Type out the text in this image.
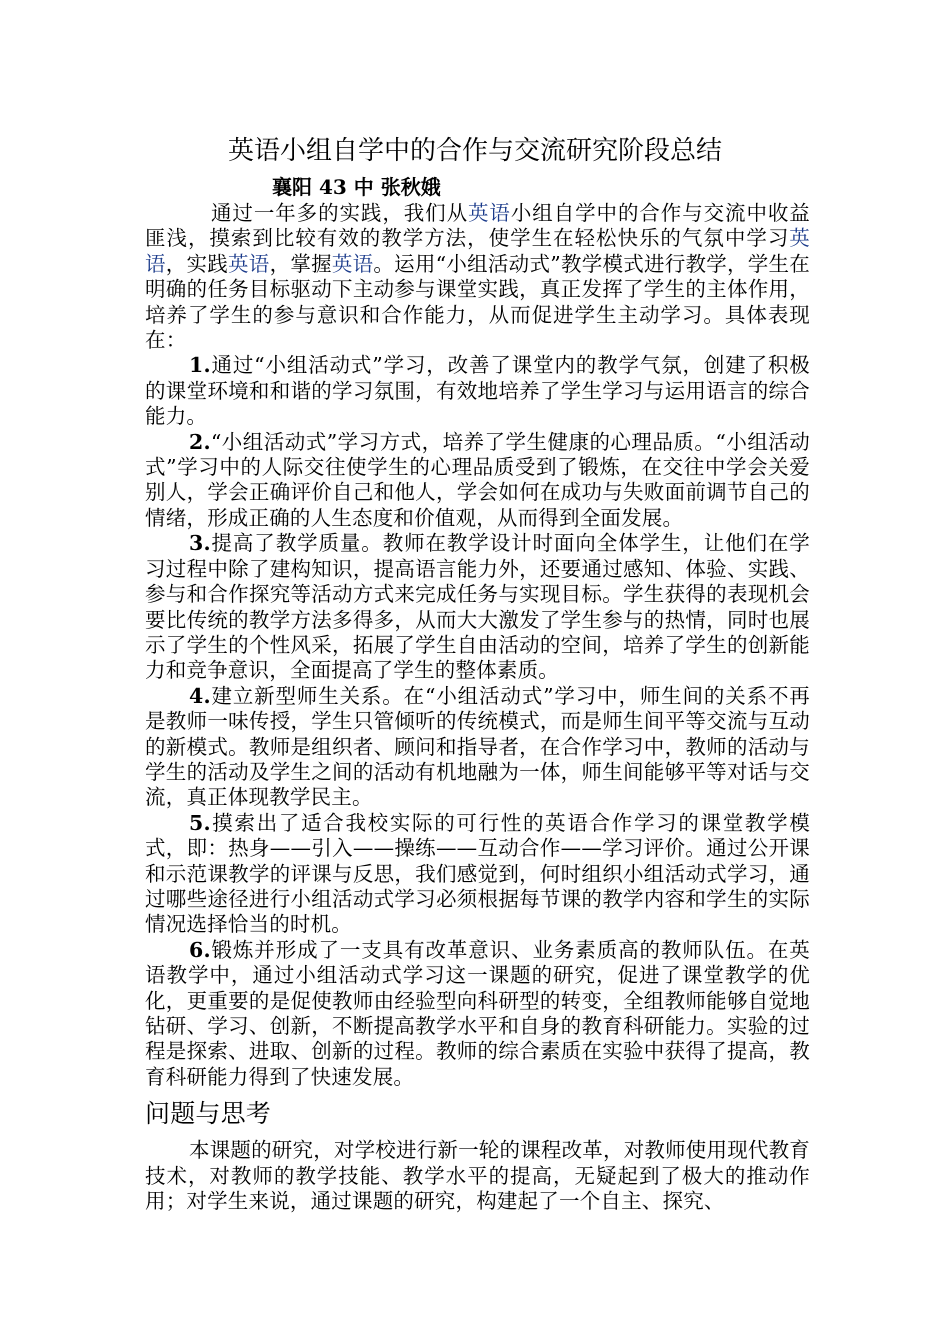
英语小组自学中的合作与交流研究阶段总结
襄阳 43 中 张秋娥

通过一年多的实践，我们从英语小组自学中的合作与交流中收益匪浅，摸索到比较有效的教学方法，使学生在轻松快乐的气氛中学习英语，实践英语，掌握英语。运用“小组活动式”教学模式进行教学，学生在明确的任务目标驱动下主动参与课堂实践，真正发挥了学生的主体作用，培养了学生的参与意识和合作能力，从而促进学生主动学习。具体表现在：

1.通过“小组活动式”学习，改善了课堂内的教学气氛，创建了积极的课堂环境和和谐的学习氛围，有效地培养了学生学习与运用语言的综合能力。

2.“小组活动式”学习方式，培养了学生健康的心理品质。“小组活动式”学习中的人际交往使学生的心理品质受到了锻炼，在交往中学会关爱别人，学会正确评价自己和他人，学会如何在成功与失败面前调节自己的情绪，形成正确的人生态度和价值观，从而得到全面发展。

3.提高了教学质量。教师在教学设计时面向全体学生，让他们在学习过程中除了建构知识，提高语言能力外，还要通过感知、体验、实践、参与和合作探究等活动方式来完成任务与实现目标。学生获得的表现机会要比传统的教学方法多得多，从而大大激发了学生参与的热情，同时也展示了学生的个性风采，拓展了学生自由活动的空间，培养了学生的创新能力和竞争意识，全面提高了学生的整体素质。

4.建立新型师生关系。在“小组活动式”学习中，师生间的关系不再是教师一味传授，学生只管倾听的传统模式，而是师生间平等交流与互动的新模式。教师是组织者、顾问和指导者，在合作学习中，教师的活动与学生的活动及学生之间的活动有机地融为一体，师生间能够平等对话与交流，真正体现教学民主。

5.摸索出了适合我校实际的可行性的英语合作学习的课堂教学模式，即：热身——引入——操练——互动合作——学习评价。通过公开课和示范课教学的评课与反思，我们感觉到，何时组织小组活动式学习，通过哪些途径进行小组活动式学习必须根据每节课的教学内容和学生的实际情况选择恰当的时机。

6.锻炼并形成了一支具有改革意识、业务素质高的教师队伍。在英语教学中，通过小组活动式学习这一课题的研究，促进了课堂教学的优化，更重要的是促使教师由经验型向科研型的转变，全组教师能够自觉地钻研、学习、创新，不断提高教学水平和自身的教育科研能力。实验的过程是探索、进取、创新的过程。教师的综合素质在实验中获得了提高，教育科研能力得到了快速发展。

问题与思考

本课题的研究，对学校进行新一轮的课程改革，对教师使用现代教育技术，对教师的教学技能、教学水平的提高，无疑起到了极大的推动作用；对学生来说，通过课题的研究，构建起了一个自主、探究、
